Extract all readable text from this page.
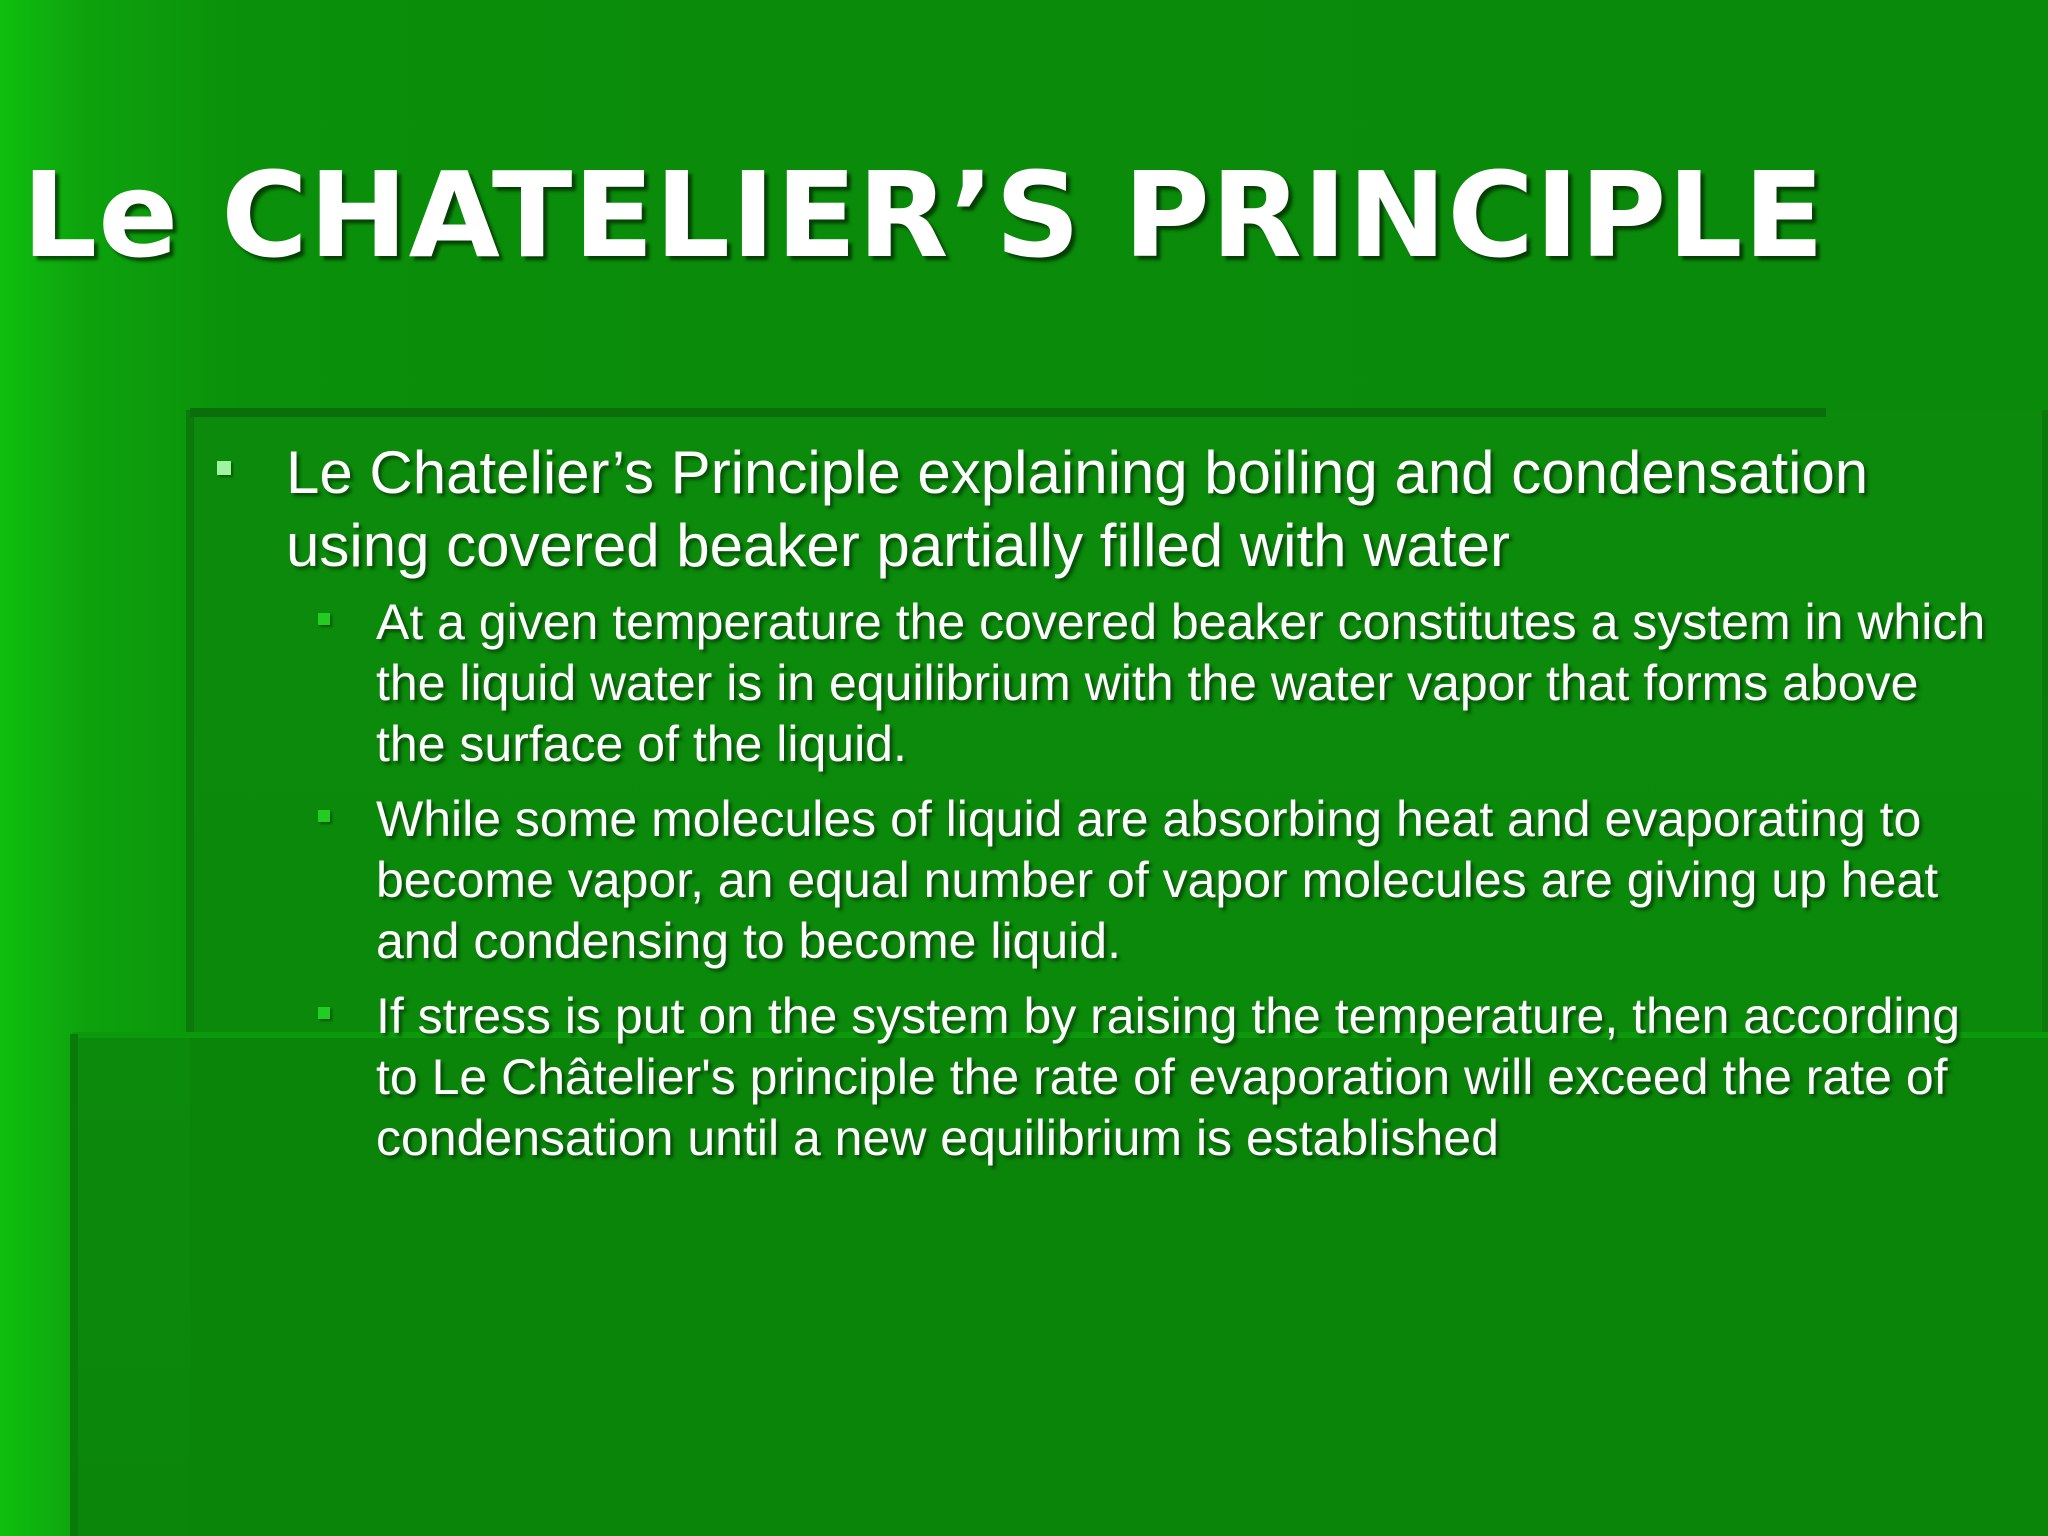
Le CHATELIER’S PRINCIPLE
Le Chatelier’s Principle explaining boiling and condensation using covered beaker partially filled with water
At a given temperature the covered beaker constitutes a system in which the liquid water is in equilibrium with the water vapor that forms above the surface of the liquid.
While some molecules of liquid are absorbing heat and evaporating to become vapor, an equal number of vapor molecules are giving up heat and condensing to become liquid.
If stress is put on the system by raising the temperature, then according to Le Châtelier's principle the rate of evaporation will exceed the rate of condensation until a new equilibrium is established
